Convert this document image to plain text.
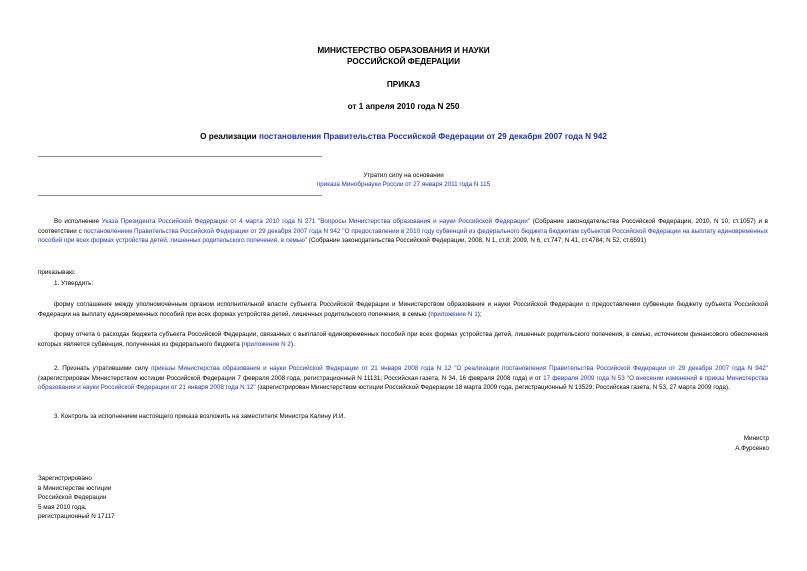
МИНИСТЕРСТВО ОБРАЗОВАНИЯ И НАУКИ
РОССИЙСКОЙ ФЕДЕРАЦИИ
ПРИКАЗ
от 1 апреля 2010 года N 250
О реализации постановления Правительства Российской Федерации от 29 декабря 2007 года N 942
Утратил силу на основании
приказа Минобрнауки России от 27 января 2011 года N 115
Во исполнение Указа Президента Российской Федерации от 4 марта 2010 года N 271 "Вопросы Министерства образования и науки Российской Федерации" (Собрание законодательства Российской Федерации, 2010, N 10, ст.1057) и в соответствии с постановлением Правительства Российской Федерации от 29 декабря 2007 года N 942 "О предоставлении в 2010 году субвенций из федерального бюджета бюджетам субъектов Российской Федерации на выплату единовременных пособий при всех формах устройства детей, лишенных родительского попечения, в семью" (Собрание законодательства Российской Федерации, 2008, N 1, ст.8; 2009, N 6, ст.747; N 41, ст.4784; N 52, ст.6591)
приказываю:
1. Утвердить:
форму соглашения между уполномоченным органом исполнительной власти субъекта Российской Федерации и Министерством образования и науки Российской Федерации о предоставлении субвенции бюджету субъекта Российской Федерации на выплату единовременных пособий при всех формах устройства детей, лишенных родительского попечения, в семью (приложение N 1);
форму отчета о расходах бюджета субъекта Российской Федерации, связанных с выплатой единовременных пособий при всех формах устройства детей, лишенных родительского попечения, в семью, источником финансового обеспечения которых является субвенция, полученная из федерального бюджета (приложение N 2).
2. Признать утратившими силу приказы Министерства образования и науки Российской Федерации от 21 января 2008 года N 12 "О реализации постановления Правительства Российской Федерации от 29 декабря 2007 года N 942" (зарегистрирован Министерством юстиции Российской Федерации 7 февраля 2008 года, регистрационный N 11131; Российская газета, N 34, 16 февраля 2008 года) и от 17 февраля 2009 года N 53 "О внесении изменений в приказ Министерства образования и науки Российской Федерации от 21 января 2008 года N 12" (зарегистрирован Министерством юстиции Российской Федерации 18 марта 2009 года, регистрационный N 13529; Российская газета, N 53, 27 марта 2009 года).
3. Контроль за исполнением настоящего приказа возложить на заместителя Министра Калину И.И.
Министр
А.Фурсенко
Зарегистрировано
в Министерстве юстиции
Российской Федерации
5 мая 2010 года,
регистрационный N 17117
